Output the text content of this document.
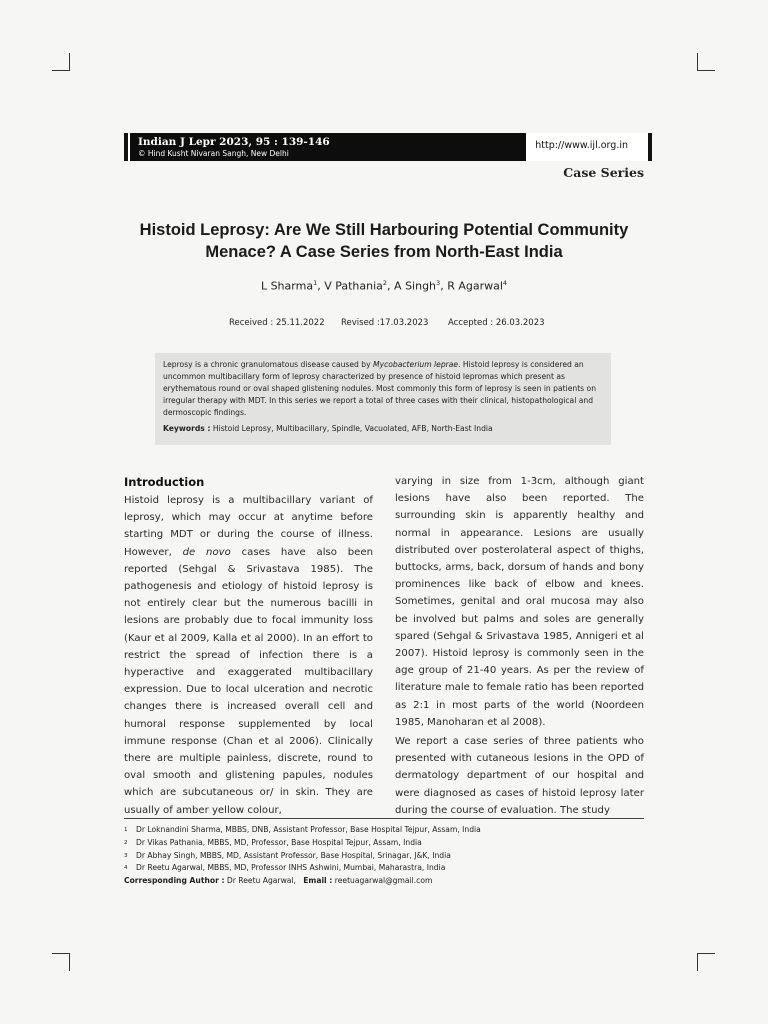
Indian J Lepr 2023, 95 : 139-146
© Hind Kusht Nivaran Sangh, New Delhi
http://www.ijl.org.in
Case Series
Histoid Leprosy: Are We Still Harbouring Potential Community
Menace? A Case Series from North-East India
L Sharma$^1$, V Pathania$^2$, A Singh$^3$, R Agarwal$^4$
Received : 25.11.2022 Revised :17.03.2023 Accepted : 26.03.2023
Leprosy is a chronic granulomatous disease caused by Mycobacterium leprae. Histoid leprosy is considered an uncommon multibacillary form of leprosy characterized by presence of histoid lepromas which present as erythematous round or oval shaped glistening nodules. Most commonly this form of leprosy is seen in patients on irregular therapy with MDT. In this series we report a total of three cases with their clinical, histopathological and dermoscopic findings.
Keywords : Histoid Leprosy, Multibacillary, Spindle, Vacuolated, AFB, North-East India
Introduction

Histoid leprosy is a multibacillary variant of leprosy, which may occur at anytime before starting MDT or during the course of illness. However, de novo cases have also been reported (Sehgal & Srivastava 1985). The pathogenesis and etiology of histoid leprosy is not entirely clear but the numerous bacilli in lesions are probably due to focal immunity loss (Kaur et al 2009, Kalla et al 2000). In an effort to restrict the spread of infection there is a hyperactive and exaggerated multibacillary expression. Due to local ulceration and necrotic changes there is increased overall cell and humoral response supplemented by local immune response (Chan et al 2006). Clinically there are multiple painless, discrete, round to oval smooth and glistening papules, nodules which are subcutaneous or/ in skin. They are usually of amber yellow colour,

varying in size from 1-3cm, although giant lesions have also been reported. The surrounding skin is apparently healthy and normal in appearance. Lesions are usually distributed over posterolateral aspect of thighs, buttocks, arms, back, dorsum of hands and bony prominences like back of elbow and knees. Sometimes, genital and oral mucosa may also be involved but palms and soles are generally spared (Sehgal & Srivastava 1985, Annigeri et al 2007). Histoid leprosy is commonly seen in the age group of 21-40 years. As per the review of literature male to female ratio has been reported as 2:1 in most parts of the world (Noordeen 1985, Manoharan et al 2008).

We report a case series of three patients who presented with cutaneous lesions in the OPD of dermatology department of our hospital and were diagnosed as cases of histoid leprosy later during the course of evaluation. The study

1 Dr Loknandini Sharma, MBBS, DNB, Assistant Professor, Base Hospital Tejpur, Assam, India
2 Dr Vikas Pathania, MBBS, MD, Professor, Base Hospital Tejpur, Assam, India
3 Dr Abhay Singh, MBBS, MD, Assistant Professor, Base Hospital, Srinagar, J&K, India
4 Dr Reetu Agarwal, MBBS, MD, Professor INHS Ashwini, Mumbai, Maharastra, India
Corresponding Author : Dr Reetu Agarwal, Email : reetuagarwal@gmail.com
